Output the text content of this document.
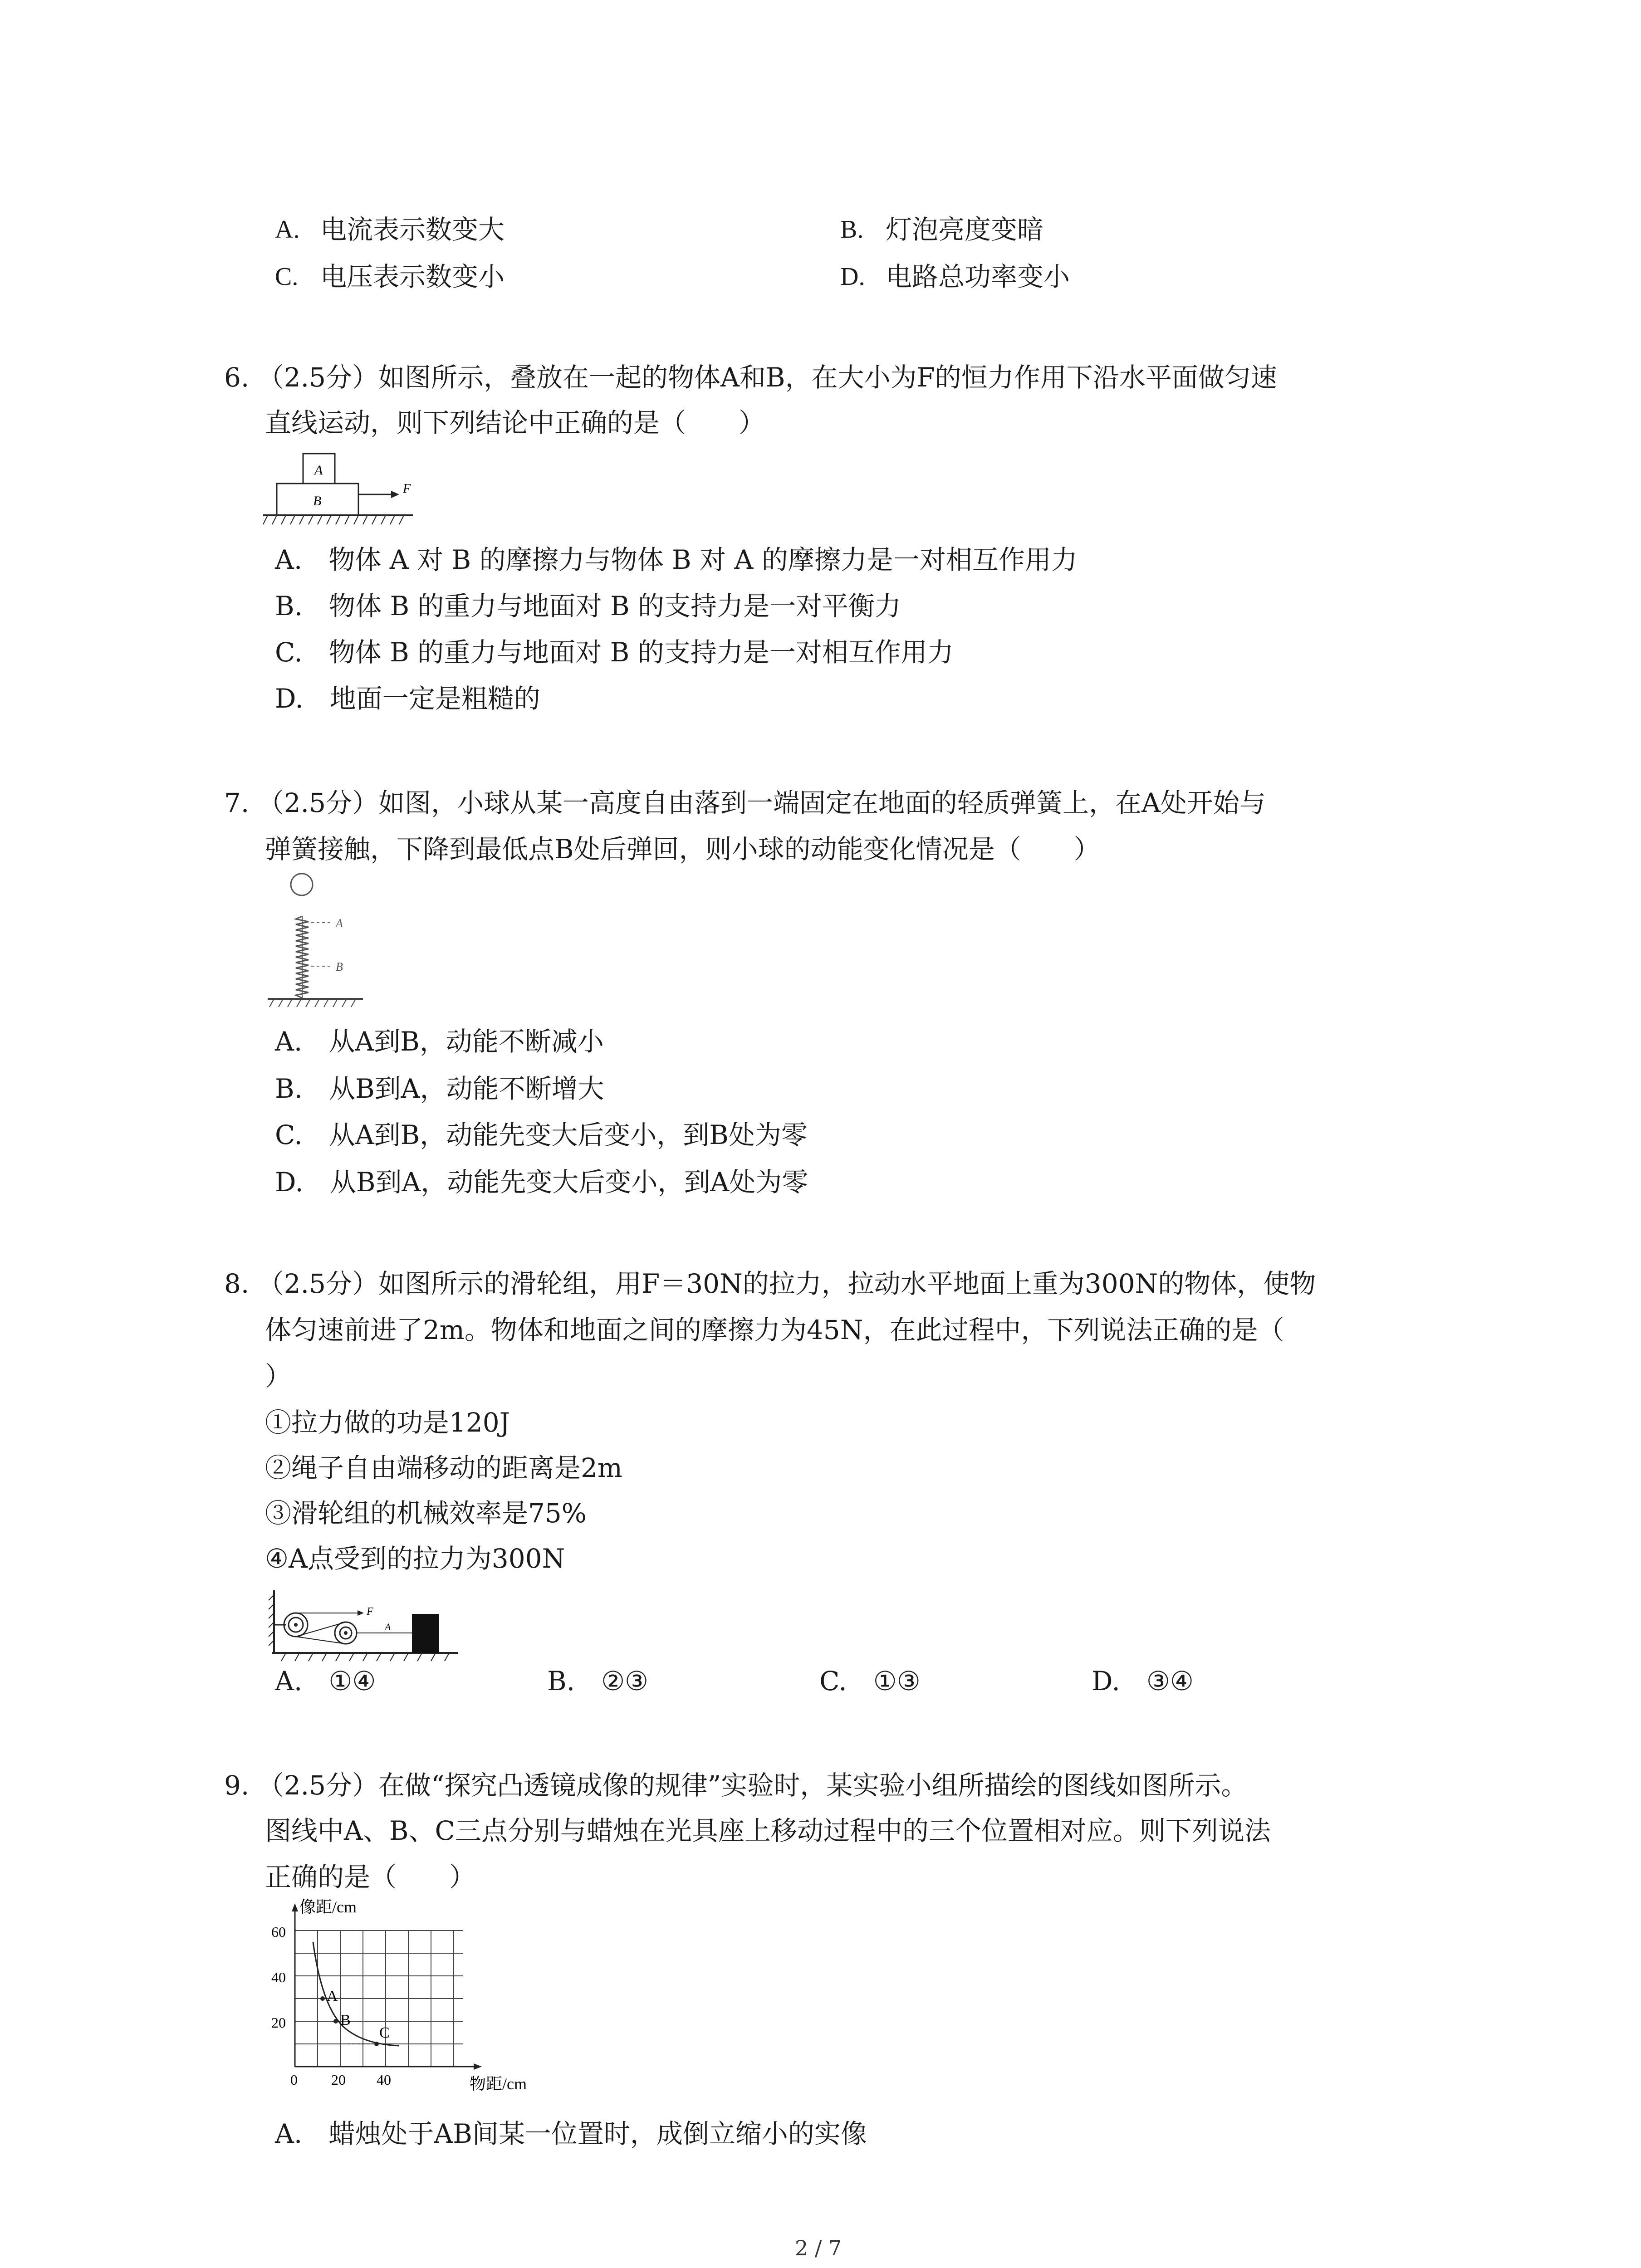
A. 电流表示数变大	B. 灯泡亮度变暗
C. 电压表示数变小	D. 电路总功率变小
6. （2.5分）如图所示，叠放在一起的物体A和B，在大小为F的恒力作用下沿水平面做匀速
直线运动，则下列结论中正确的是（　　）
A
B
F
A.  物体 A 对 B 的摩擦力与物体 B 对 A 的摩擦力是一对相互作用力
B.  物体 B 的重力与地面对 B 的支持力是一对平衡力
C.  物体 B 的重力与地面对 B 的支持力是一对相互作用力
D.  地面一定是粗糙的
7. （2.5分）如图，小球从某一高度自由落到一端固定在地面的轻质弹簧上，在A处开始与
弹簧接触，下降到最低点B处后弹回，则小球的动能变化情况是（　　）
A
B
A.  从A到B，动能不断减小
B.  从B到A，动能不断增大
C.  从A到B，动能先变大后变小，到B处为零
D.  从B到A，动能先变大后变小，到A处为零
8. （2.5分）如图所示的滑轮组，用F＝30N的拉力，拉动水平地面上重为300N的物体，使物
体匀速前进了2m。物体和地面之间的摩擦力为45N，在此过程中，下列说法正确的是（
）
①拉力做的功是120J
②绳子自由端移动的距离是2m
③滑轮组的机械效率是75%
④A点受到的拉力为300N
F
A
A.  ①④	B.  ②③	C.  ①③	D.  ③④
9. （2.5分）在做“探究凸透镜成像的规律”实验时，某实验小组所描绘的图线如图所示。
图线中A、B、C三点分别与蜡烛在光具座上移动过程中的三个位置相对应。则下列说法
正确的是（　　）
像距/cm
物距/cm
60
40
20
0 20 40
A
B
C
A.  蜡烛处于AB间某一位置时，成倒立缩小的实像
2 / 7
